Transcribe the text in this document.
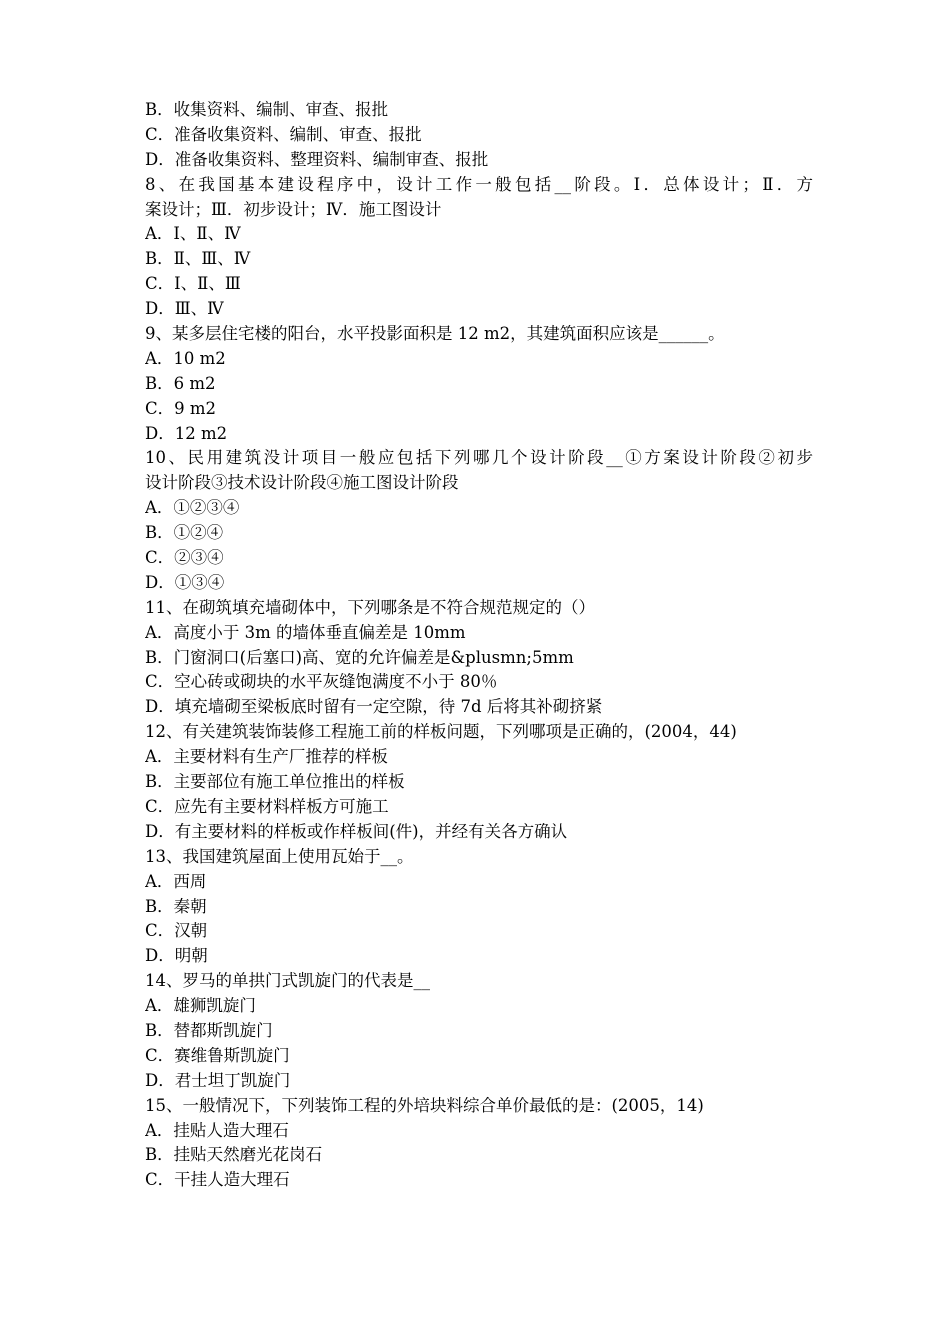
B．收集资料、编制、审查、报批
C．准备收集资料、编制、审查、报批
D．准备收集资料、整理资料、编制审查、报批
8、在我国基本建设程序中，设计工作一般包括__阶段。Ⅰ．总体设计；Ⅱ．方
案设计；Ⅲ．初步设计；Ⅳ．施工图设计
A．Ⅰ、Ⅱ、Ⅳ
B．Ⅱ、Ⅲ、Ⅳ
C．Ⅰ、Ⅱ、Ⅲ
D．Ⅲ、Ⅳ
9、某多层住宅楼的阳台，水平投影面积是 12 m2，其建筑面积应该是______。
A．10 m2
B．6 m2
C．9 m2
D．12 m2
10、民用建筑没计项目一般应包括下列哪几个设计阶段__①方案设计阶段②初步
设计阶段③技术设计阶段④施工图设计阶段
A．①②③④
B．①②④
C．②③④
D．①③④
11、在砌筑填充墙砌体中，下列哪条是不符合规范规定的（）
A．高度小于 3m 的墙体垂直偏差是 10mm
B．门窗洞口(后塞口)高、宽的允许偏差是&plusmn;5mm
C．空心砖或砌块的水平灰缝饱满度不小于 80％
D．填充墙砌至梁板底时留有一定空隙，待 7d 后将其补砌挤紧
12、有关建筑装饰装修工程施工前的样板问题，下列哪项是正确的，(2004，44)
A．主要材料有生产厂推荐的样板
B．主要部位有施工单位推出的样板
C．应先有主要材料样板方可施工
D．有主要材料的样板或作样板间(件)，并经有关各方确认
13、我国建筑屋面上使用瓦始于__。
A．西周
B．秦朝
C．汉朝
D．明朝
14、罗马的单拱门式凯旋门的代表是__
A．雄狮凯旋门
B．替都斯凯旋门
C．赛维鲁斯凯旋门
D．君士坦丁凯旋门
15、一般情况下，下列装饰工程的外培块料综合单价最低的是：(2005，14)
A．挂贴人造大理石
B．挂贴天然磨光花岗石
C．干挂人造大理石
